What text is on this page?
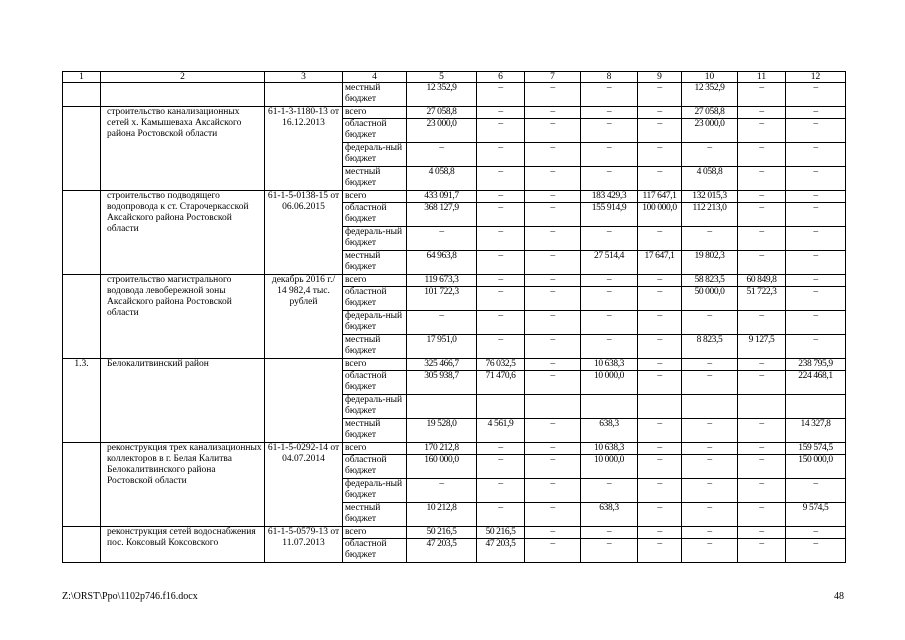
1	2	3	4	5	6	7	8	9	10	11	12
			местный бюджет	12 352,9	–	–	–	–	12 352,9	–	–
	строительство канализационных сетей х. Камышеваха Аксайского района Ростовской области	61-1-3-1180-13 от 16.12.2013	всего	27 058,8	–	–	–	–	27 058,8	–	–
			областной бюджет	23 000,0	–	–	–	–	23 000,0	–	–
			федераль-ный бюджет	–	–	–	–	–	–	–	–
			местный бюджет	4 058,8	–	–	–	–	4 058,8	–	–
	строительство подводящего водопровода к ст. Старочеркасской Аксайского района Ростовской области	61-1-5-0138-15 от 06.06.2015	всего	433 091,7	–	–	183 429,3	117 647,1	132 015,3	–	–
			областной бюджет	368 127,9	–	–	155 914,9	100 000,0	112 213,0	–	–
			федераль-ный бюджет	–	–	–	–	–	–	–	–
			местный бюджет	64 963,8	–	–	27 514,4	17 647,1	19 802,3	–	–
	строительство магистрального водовода левобережной зоны Аксайского района Ростовской области	декабрь 2016 г./ 14 982,4 тыс. рублей	всего	119 673,3	–	–	–	–	58 823,5	60 849,8	–
			областной бюджет	101 722,3	–	–	–	–	50 000,0	51 722,3	–
			федераль-ный бюджет	–	–	–	–	–	–	–	–
			местный бюджет	17 951,0	–	–	–	–	8 823,5	9 127,5	–
1.3.	Белокалитвинский район		всего	325 466,7	76 032,5	–	10 638,3	–	–	–	238 795,9
			областной бюджет	305 938,7	71 470,6	–	10 000,0	–	–	–	224 468,1
			федераль-ный бюджет								
			местный бюджет	19 528,0	4 561,9	–	638,3	–	–	–	14 327,8
	реконструкция трех канализационных коллекторов в г. Белая Калитва Белокалитвинского района Ростовской области	61-1-5-0292-14 от 04.07.2014	всего	170 212,8	–	–	10 638,3	–	–	–	159 574,5
			областной бюджет	160 000,0	–	–	10 000,0	–	–	–	150 000,0
			федераль-ный бюджет	–	–	–	–	–	–	–	–
			местный бюджет	10 212,8	–	–	638,3	–	–	–	9 574,5
	реконструкция сетей водоснабжения пос. Коксовый Коксовского	61-1-5-0579-13 от 11.07.2013	всего	50 216,5	50 216,5	–	–	–	–	–	–
			областной бюджет	47 203,5	47 203,5	–	–	–	–	–	–
Z:\ORST\Ppo\1102p746.f16.docx	48
